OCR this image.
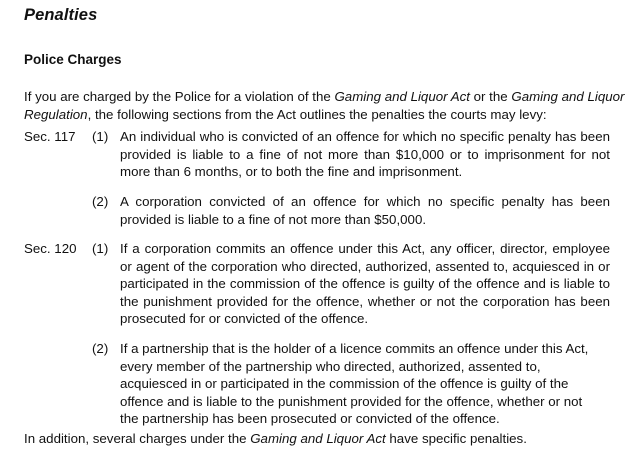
Penalties
Police Charges

If you are charged by the Police for a violation of the Gaming and Liquor Act or the Gaming and Liquor Regulation, the following sections from the Act outlines the penalties the courts may levy:

Sec. 117 (1) An individual who is convicted of an offence for which no specific penalty has been provided is liable to a fine of not more than $10,000 or to imprisonment for not more than 6 months, or to both the fine and imprisonment.

(2) A corporation convicted of an offence for which no specific penalty has been provided is liable to a fine of not more than $50,000.

Sec. 120 (1) If a corporation commits an offence under this Act, any officer, director, employee or agent of the corporation who directed, authorized, assented to, acquiesced in or participated in the commission of the offence is guilty of the offence and is liable to the punishment provided for the offence, whether or not the corporation has been prosecuted for or convicted of the offence.

(2) If a partnership that is the holder of a licence commits an offence under this Act, every member of the partnership who directed, authorized, assented to, acquiesced in or participated in the commission of the offence is guilty of the offence and is liable to the punishment provided for the offence, whether or not the partnership has been prosecuted or convicted of the offence.

In addition, several charges under the Gaming and Liquor Act have specific penalties.
